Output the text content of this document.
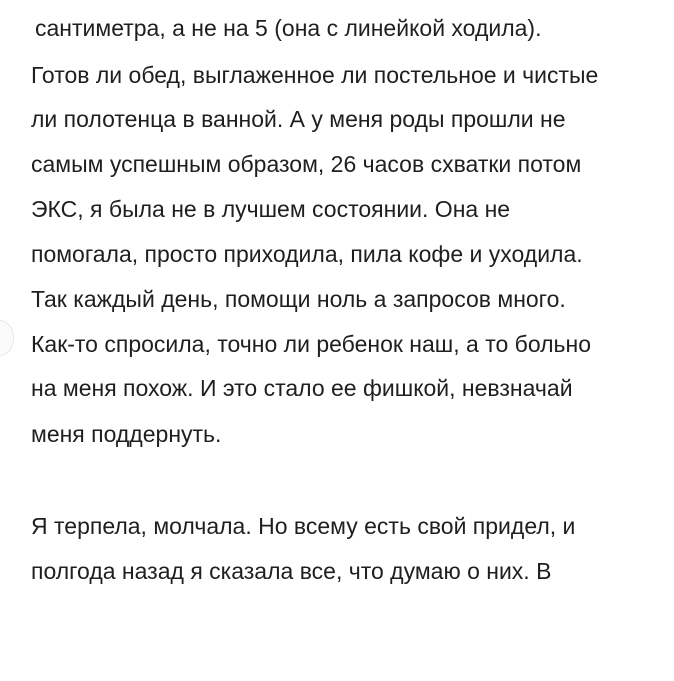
сантиметра, а не на 5 (она с линейкой ходила).
Готов ли обед, выглаженное ли постельное и чистые
ли полотенца в ванной. А у меня роды прошли не
самым успешным образом, 26 часов схватки потом
ЭКС, я была не в лучшем состоянии. Она не
помогала, просто приходила, пила кофе и уходила.
Так каждый день, помощи ноль а запросов много.
Как-то спросила, точно ли ребенок наш, а то больно
на меня похож. И это стало ее фишкой, невзначай
меня поддернуть.
Я терпела, молчала. Но всему есть свой придел, и
полгода назад я сказала все, что думаю о них. В
